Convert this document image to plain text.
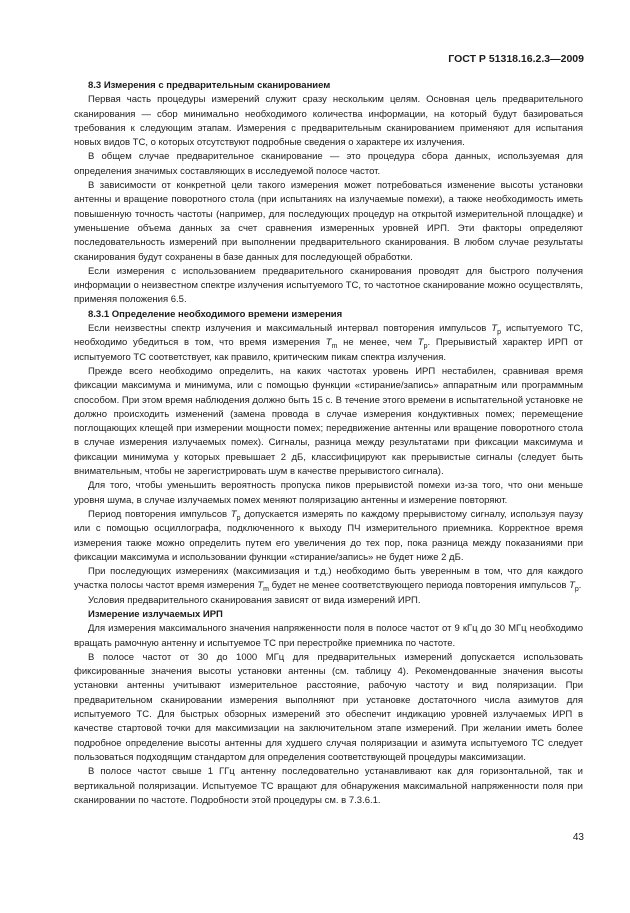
ГОСТ Р 51318.16.2.3—2009

8.3 Измерения с предварительным сканированием

Первая часть процедуры измерений служит сразу нескольким целям. Основная цель предварительного сканирования — сбор минимально необходимого количества информации, на который будут базироваться требования к следующим этапам. Измерения с предварительным сканированием применяют для испытания новых видов ТС, о которых отсутствуют подробные сведения о характере их излучения.

В общем случае предварительное сканирование — это процедура сбора данных, используемая для определения значимых составляющих в исследуемой полосе частот.

В зависимости от конкретной цели такого измерения может потребоваться изменение высоты установки антенны и вращение поворотного стола (при испытаниях на излучаемые помехи), а также необходимость иметь повышенную точность частоты (например, для последующих процедур на открытой измерительной площадке) и уменьшение объема данных за счет сравнения измеренных уровней ИРП. Эти факторы определяют последовательность измерений при выполнении предварительного сканирования. В любом случае результаты сканирования будут сохранены в базе данных для последующей обработки.

Если измерения с использованием предварительного сканирования проводят для быстрого получения информации о неизвестном спектре излучения испытуемого ТС, то частотное сканирование можно осуществлять, применяя положения 6.5.

8.3.1 Определение необходимого времени измерения

Если неизвестны спектр излучения и максимальный интервал повторения импульсов $T_p$ испытуемого ТС, необходимо убедиться в том, что время измерения $T_m$ не менее, чем $T_p$. Прерывистый характер ИРП от испытуемого ТС соответствует, как правило, критическим пикам спектра излучения.

Прежде всего необходимо определить, на каких частотах уровень ИРП нестабилен, сравнивая время фиксации максимума и минимума, или с помощью функции «стирание/запись» аппаратным или программным способом. При этом время наблюдения должно быть 15 с. В течение этого времени в испытательной установке не должно происходить изменений (замена провода в случае измерения кондуктивных помех; перемещение поглощающих клещей при измерении мощности помех; передвижение антенны или вращение поворотного стола в случае измерения излучаемых помех). Сигналы, разница между результатами при фиксации максимума и фиксации минимума у которых превышает 2 дБ, классифицируют как прерывистые сигналы (следует быть внимательным, чтобы не зарегистрировать шум в качестве прерывистого сигнала).

Для того, чтобы уменьшить вероятность пропуска пиков прерывистой помехи из-за того, что они меньше уровня шума, в случае излучаемых помех меняют поляризацию антенны и измерение повторяют.

Период повторения импульсов $T_p$ допускается измерять по каждому прерывистому сигналу, используя паузу или с помощью осциллографа, подключенного к выходу ПЧ измерительного приемника. Корректное время измерения также можно определить путем его увеличения до тех пор, пока разница между показаниями при фиксации максимума и использовании функции «стирание/запись» не будет ниже 2 дБ.

При последующих измерениях (максимизация и т.д.) необходимо быть уверенным в том, что для каждого участка полосы частот время измерения $T_m$ будет не менее соответствующего периода повторения импульсов $T_p$.

Условия предварительного сканирования зависят от вида измерений ИРП.

Измерение излучаемых ИРП

Для измерения максимального значения напряженности поля в полосе частот от 9 кГц до 30 МГц необходимо вращать рамочную антенну и испытуемое ТС при перестройке приемника по частоте.

В полосе частот от 30 до 1000 МГц для предварительных измерений допускается использовать фиксированные значения высоты установки антенны (см. таблицу 4). Рекомендованные значения высоты установки антенны учитывают измерительное расстояние, рабочую частоту и вид поляризации. При предварительном сканировании измерения выполняют при установке достаточного числа азимутов для испытуемого ТС. Для быстрых обзорных измерений это обеспечит индикацию уровней излучаемых ИРП в качестве стартовой точки для максимизации на заключительном этапе измерений. При желании иметь более подробное определение высоты антенны для худшего случая поляризации и азимута испытуемого ТС следует пользоваться подходящим стандартом для определения соответствующей процедуры максимизации.

В полосе частот свыше 1 ГГц антенну последовательно устанавливают как для горизонтальной, так и вертикальной поляризации. Испытуемое ТС вращают для обнаружения максимальной напряженности поля при сканировании по частоте. Подробности этой процедуры см. в 7.3.6.1.

43
